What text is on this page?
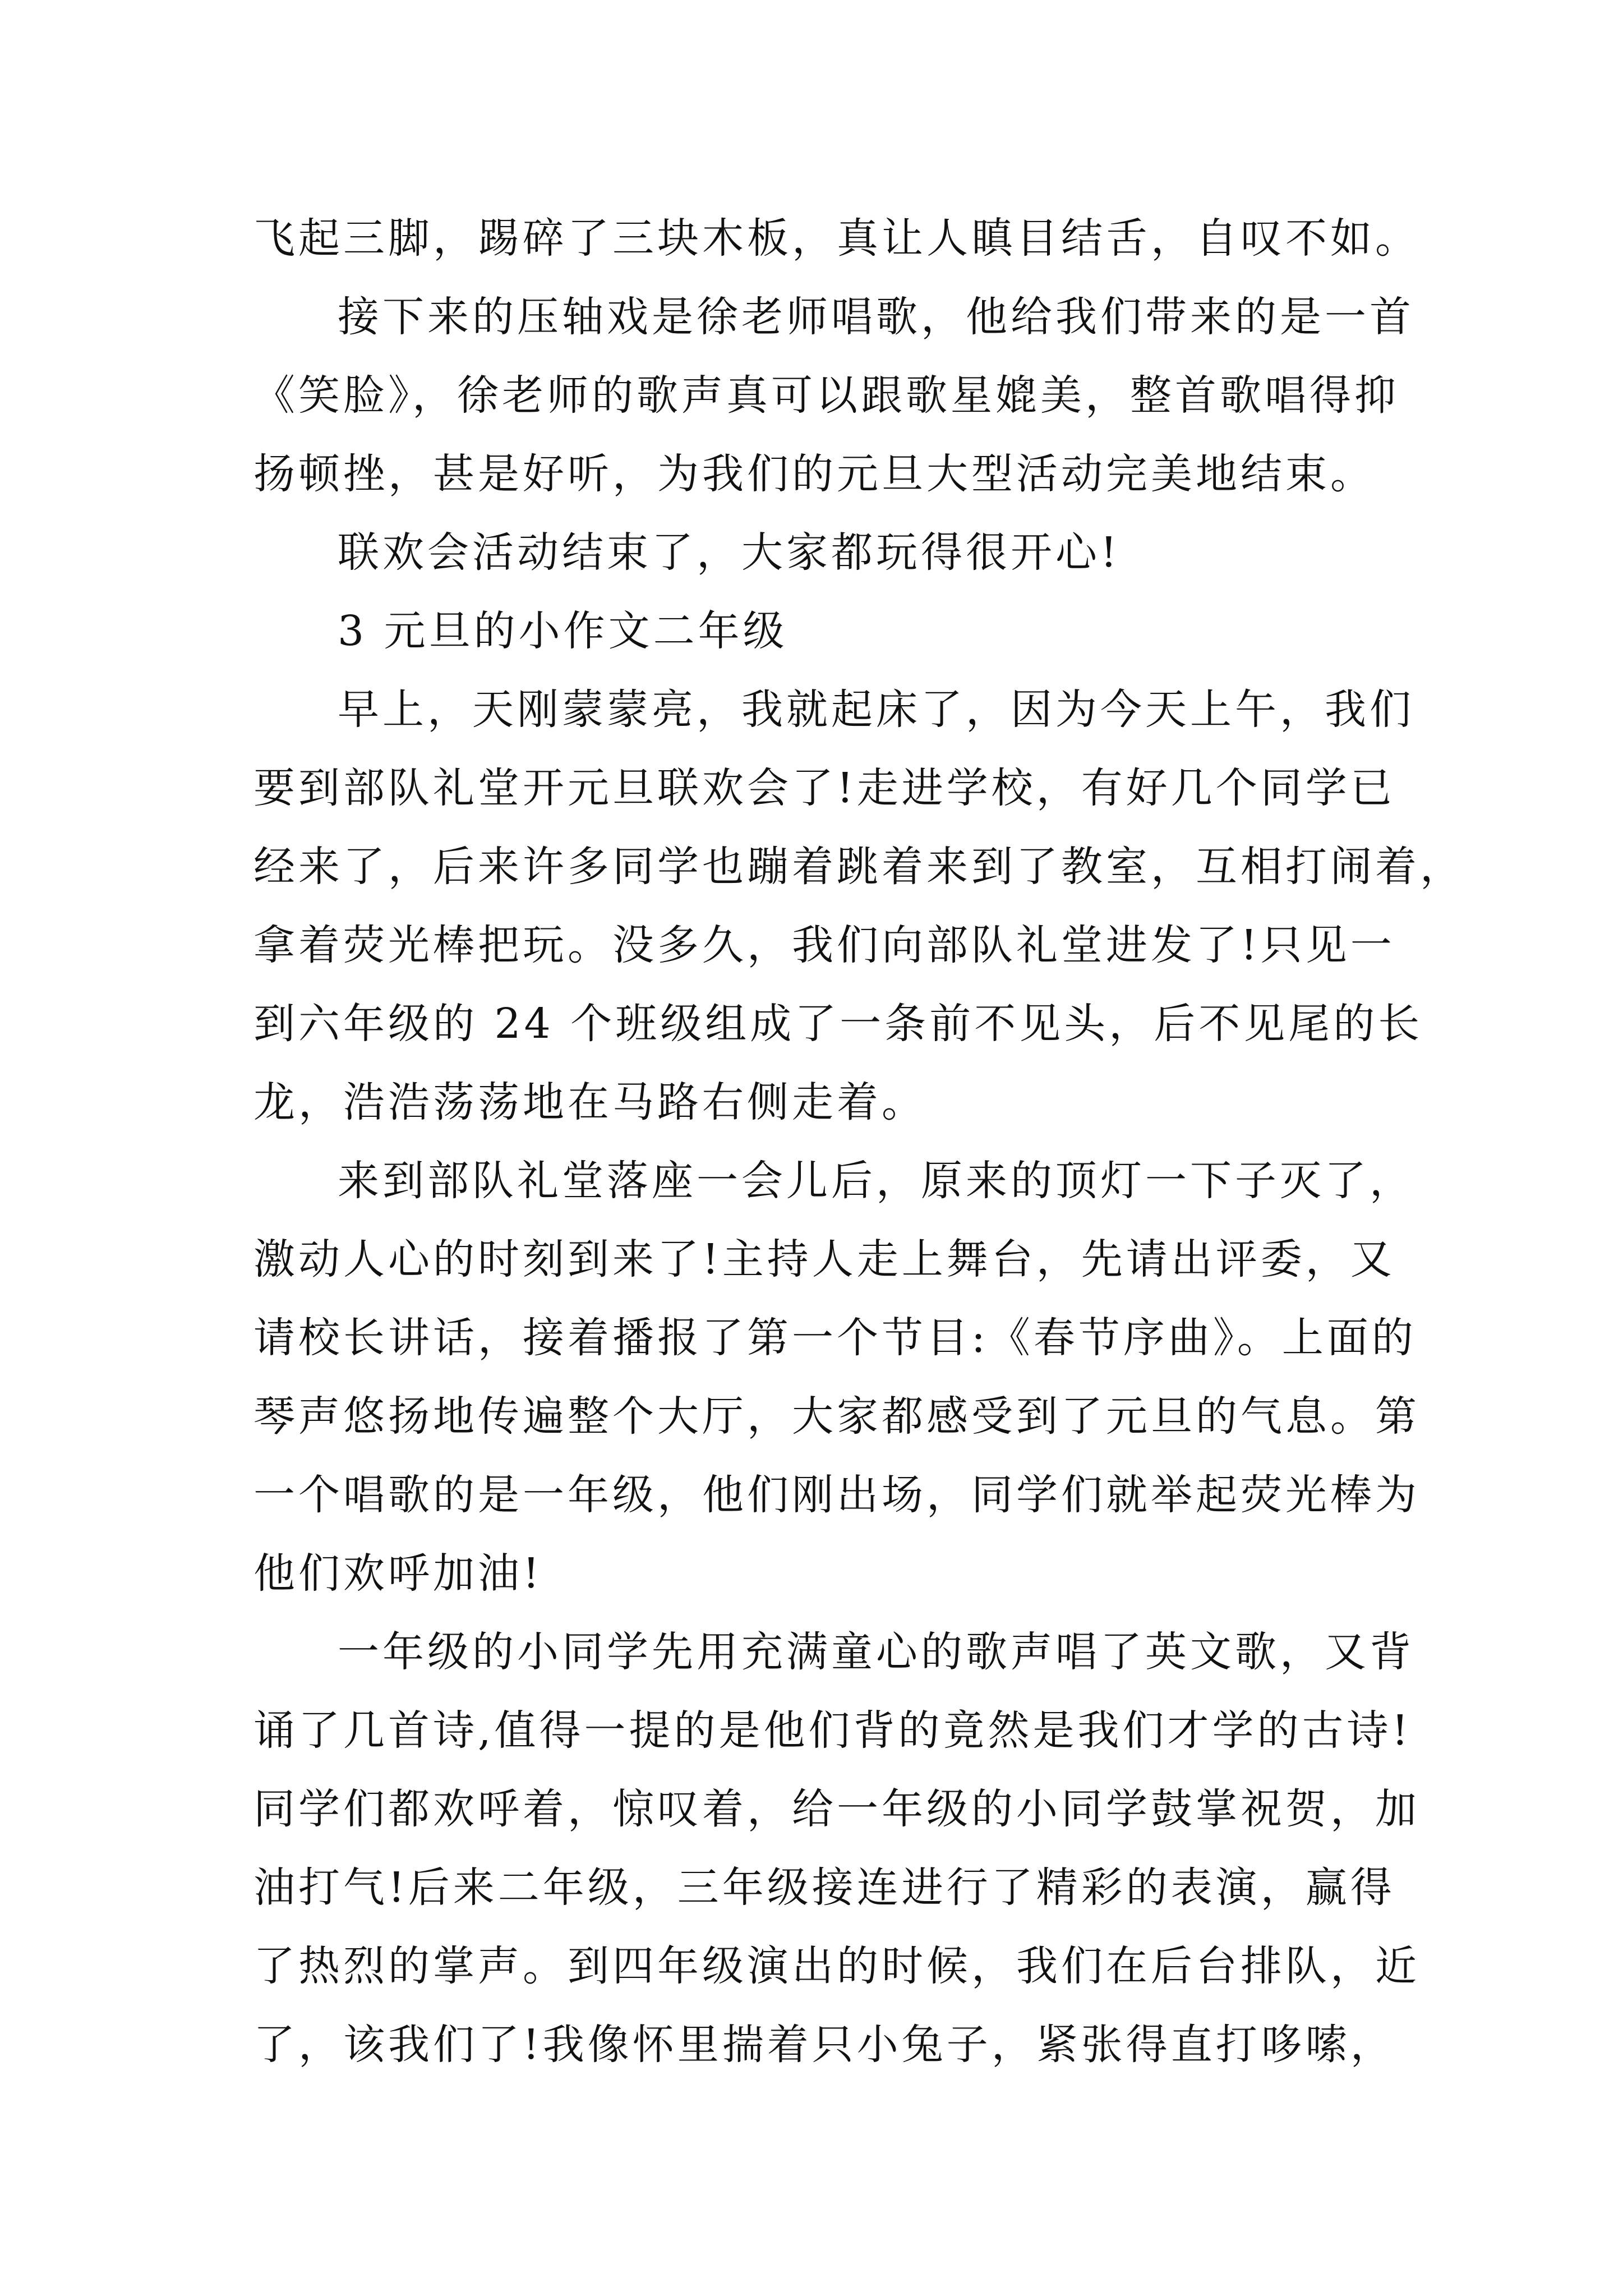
飞起三脚，踢碎了三块木板，真让人瞋目结舌，自叹不如。
接下来的压轴戏是徐老师唱歌，他给我们带来的是一首
《笑脸》，徐老师的歌声真可以跟歌星媲美，整首歌唱得抑
扬顿挫，甚是好听，为我们的元旦大型活动完美地结束。
联欢会活动结束了，大家都玩得很开心!
3 元旦的小作文二年级
早上，天刚蒙蒙亮，我就起床了，因为今天上午，我们
要到部队礼堂开元旦联欢会了!走进学校，有好几个同学已
经来了，后来许多同学也蹦着跳着来到了教室，互相打闹着，
拿着荧光棒把玩。没多久，我们向部队礼堂进发了!只见一
到六年级的 24 个班级组成了一条前不见头，后不见尾的长
龙，浩浩荡荡地在马路右侧走着。
来到部队礼堂落座一会儿后，原来的顶灯一下子灭了，
激动人心的时刻到来了!主持人走上舞台，先请出评委，又
请校长讲话，接着播报了第一个节目:《春节序曲》。上面的
琴声悠扬地传遍整个大厅，大家都感受到了元旦的气息。第
一个唱歌的是一年级，他们刚出场，同学们就举起荧光棒为
他们欢呼加油!
一年级的小同学先用充满童心的歌声唱了英文歌，又背
诵了几首诗,值得一提的是他们背的竟然是我们才学的古诗!
同学们都欢呼着，惊叹着，给一年级的小同学鼓掌祝贺，加
油打气!后来二年级，三年级接连进行了精彩的表演，赢得
了热烈的掌声。到四年级演出的时候，我们在后台排队，近
了，该我们了!我像怀里揣着只小兔子，紧张得直打哆嗦，
